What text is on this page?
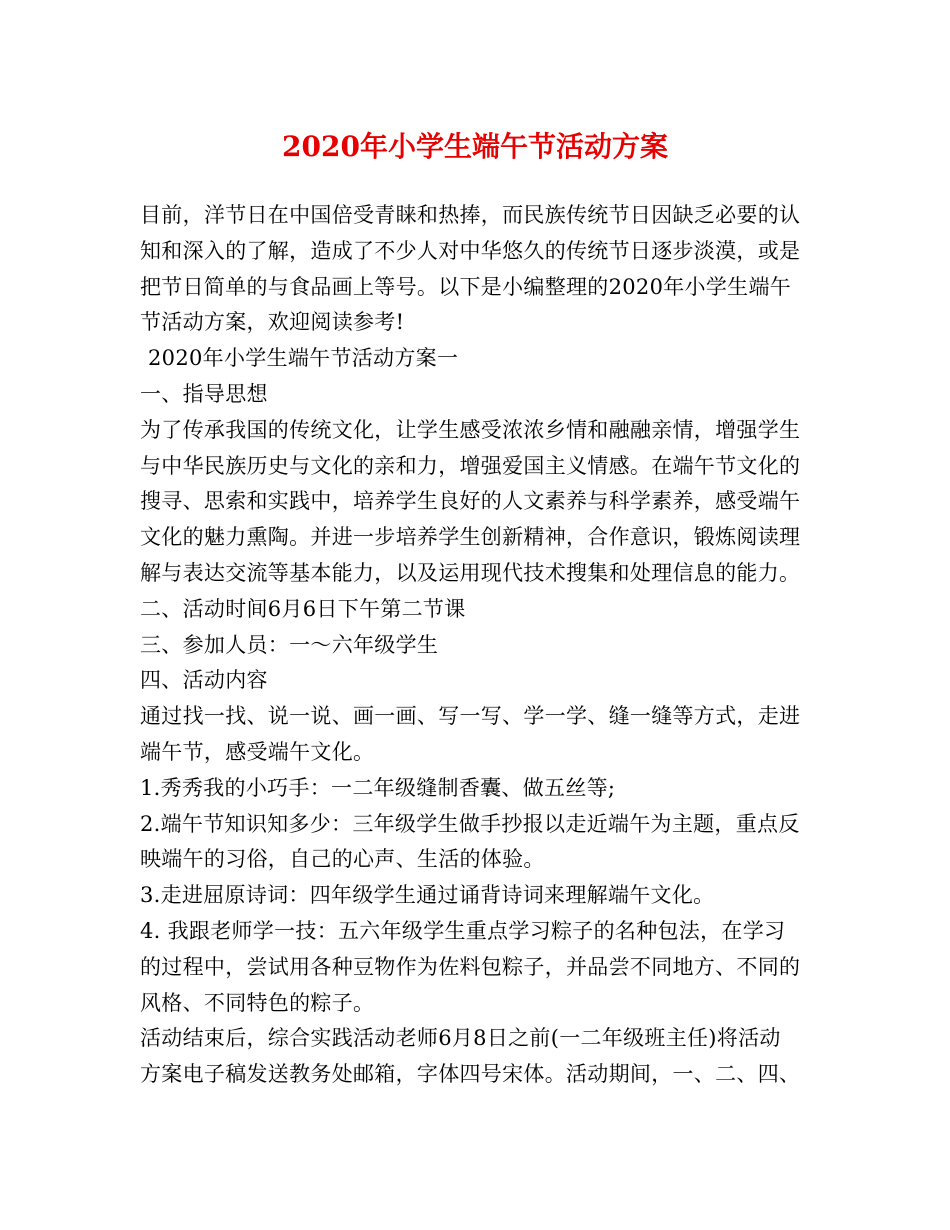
2020年小学生端午节活动方案
目前，洋节日在中国倍受青睐和热捧，而民族传统节日因缺乏必要的认
知和深入的了解，造成了不少人对中华悠久的传统节日逐步淡漠，或是
把节日简单的与食品画上等号。以下是小编整理的2020年小学生端午
节活动方案，欢迎阅读参考!
2020年小学生端午节活动方案一
一、指导思想
为了传承我国的传统文化，让学生感受浓浓乡情和融融亲情，增强学生
与中华民族历史与文化的亲和力，增强爱国主义情感。在端午节文化的
搜寻、思索和实践中，培养学生良好的人文素养与科学素养，感受端午
文化的魅力熏陶。并进一步培养学生创新精神，合作意识，锻炼阅读理
解与表达交流等基本能力，以及运用现代技术搜集和处理信息的能力。
二、活动时间6月6日下午第二节课
三、参加人员：一～六年级学生
四、活动内容
通过找一找、说一说、画一画、写一写、学一学、缝一缝等方式，走进
端午节，感受端午文化。
1.秀秀我的小巧手：一二年级缝制香囊、做五丝等;
2.端午节知识知多少：三年级学生做手抄报以走近端午为主题，重点反
映端午的习俗，自己的心声、生活的体验。
3.走进屈原诗词：四年级学生通过诵背诗词来理解端午文化。
4. 我跟老师学一技：五六年级学生重点学习粽子的名种包法，在学习
的过程中，尝试用各种豆物作为佐料包粽子，并品尝不同地方、不同的
风格、不同特色的粽子。
活动结束后，综合实践活动老师6月8日之前(一二年级班主任)将活动
方案电子稿发送教务处邮箱，字体四号宋体。活动期间，一、二、四、
